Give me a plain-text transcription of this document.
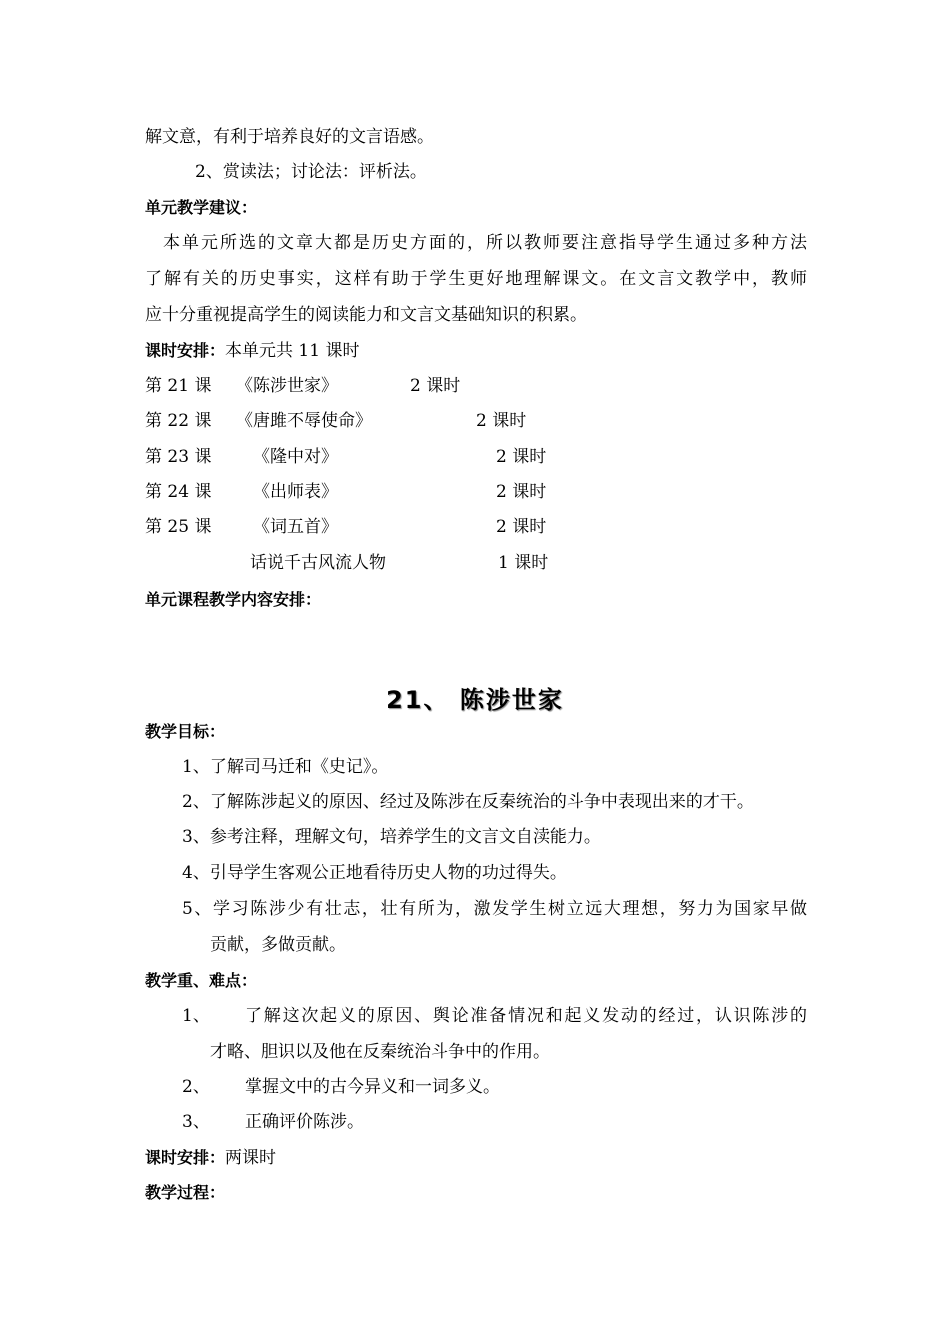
解文意，有利于培养良好的文言语感。
2、赏读法；讨论法：评析法。
单元教学建议：
本单元所选的文章大都是历史方面的，所以教师要注意指导学生通过多种方法
了解有关的历史事实，这样有助于学生更好地理解课文。在文言文教学中，教师
应十分重视提高学生的阅读能力和文言文基础知识的积累。
课时安排：本单元共 11 课时
第 21 课 《陈涉世家》	2 课时
第 22 课 《唐雎不辱使命》	2 课时
第 23 课 《隆中对》	2 课时
第 24 课 《出师表》	2 课时
第 25 课 《词五首》	2 课时
话说千古风流人物	1 课时
单元课程教学内容安排：
21、 陈涉世家
教学目标：
1、了解司马迁和《史记》。
2、了解陈涉起义的原因、经过及陈涉在反秦统治的斗争中表现出来的才干。
3、参考注释，理解文句，培养学生的文言文自渎能力。
4、引导学生客观公正地看待历史人物的功过得失。
5、学习陈涉少有壮志，壮有所为，激发学生树立远大理想，努力为国家早做
贡献，多做贡献。
教学重、难点：
1、 了解这次起义的原因、舆论准备情况和起义发动的经过，认识陈涉的
才略、胆识以及他在反秦统治斗争中的作用。
2、 掌握文中的古今异义和一词多义。
3、 正确评价陈涉。
课时安排：两课时
教学过程：
